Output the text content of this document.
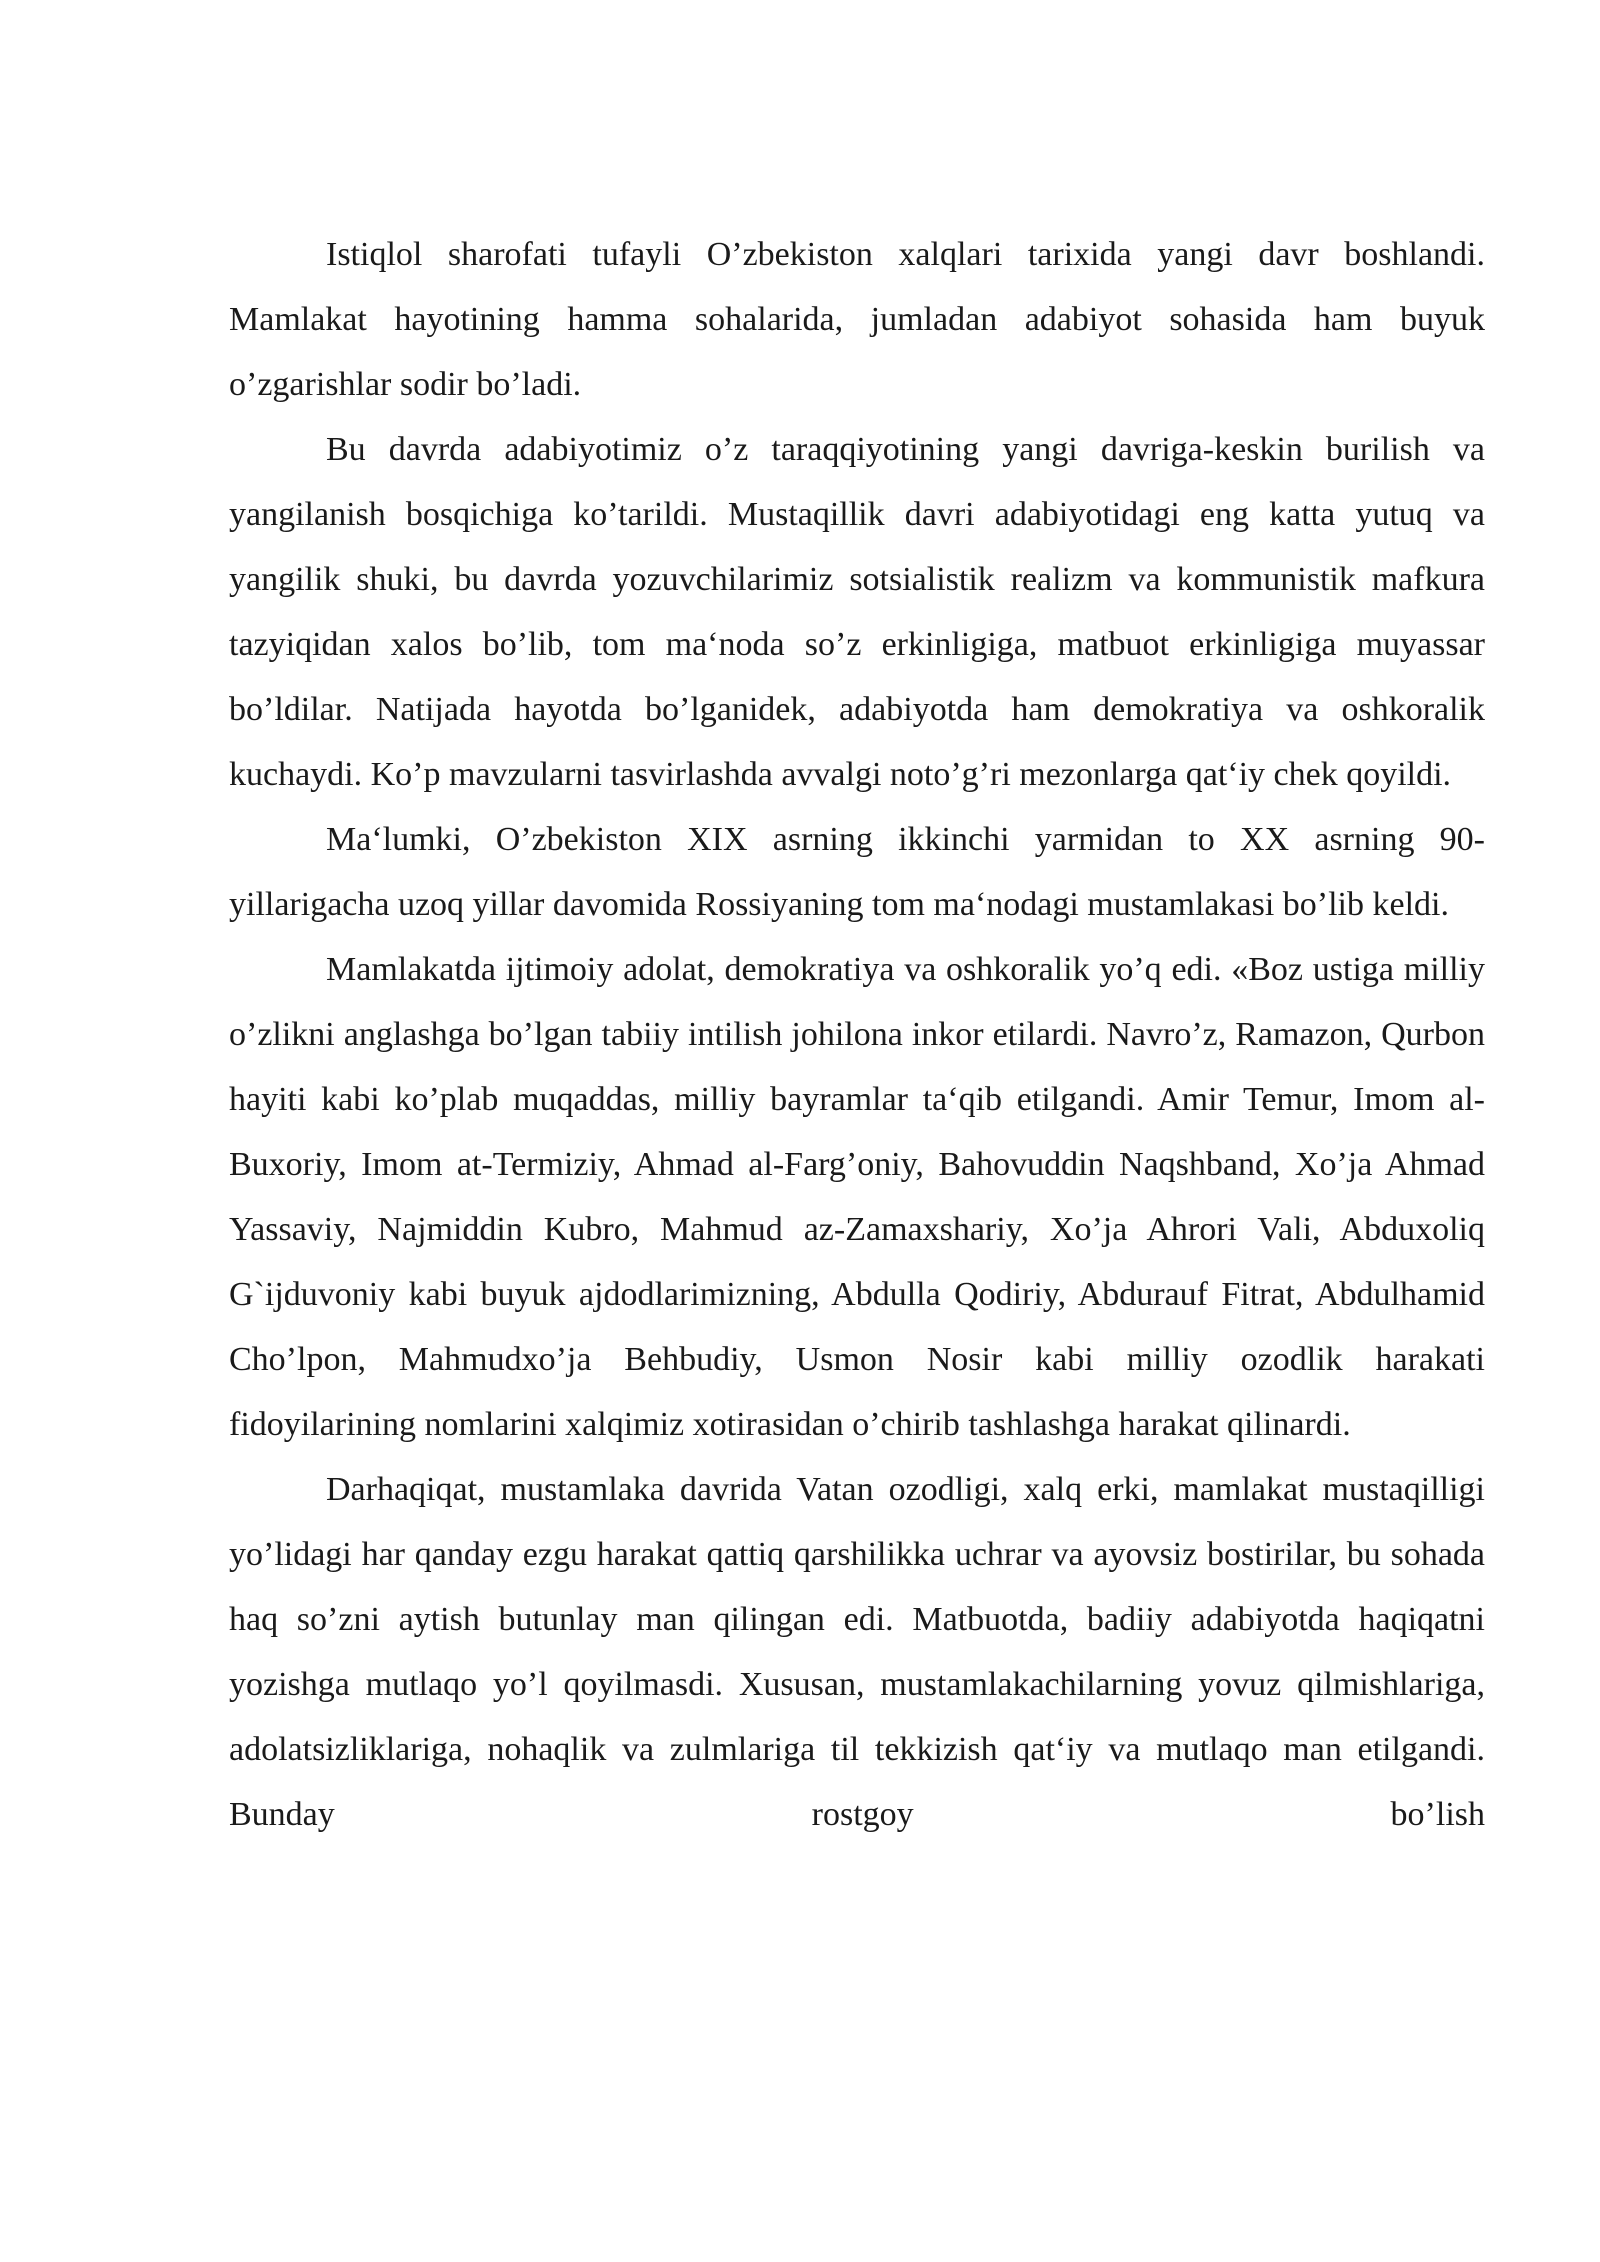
Istiqlol sharofati tufayli O’zbekiston xalqlari tarixida yangi davr boshlandi. Mamlakat hayotining hamma sohalarida, jumladan adabiyot sohasida ham buyuk o’zgarishlar sodir bo’ladi.

Bu davrda adabiyotimiz o’z taraqqiyotining yangi davriga-keskin burilish va yangilanish bosqichiga ko’tarildi. Mustaqillik davri adabiyotidagi eng katta yutuq va yangilik shuki, bu davrda yozuvchilarimiz sotsialistik realizm va kommunistik mafkura tazyiqidan xalos bo’lib, tom ma‘noda so’z erkinligiga, matbuot erkinligiga muyassar bo’ldilar. Natijada hayotda bo’lganidek, adabiyotda ham demokratiya va oshkoralik kuchaydi. Ko’p mavzularni tasvirlashda avvalgi noto’g’ri mezonlarga qat‘iy chek qoyildi.

Ma‘lumki, O’zbekiston XIX asrning ikkinchi yarmidan to XX asrning 90-yillarigacha uzoq yillar davomida Rossiyaning tom ma‘nodagi mustamlakasi bo’lib keldi.

Mamlakatda ijtimoiy adolat, demokratiya va oshkoralik yo’q edi. «Boz ustiga milliy o’zlikni anglashga bo’lgan tabiiy intilish johilona inkor etilardi. Navro’z, Ramazon, Qurbon hayiti kabi ko’plab muqaddas, milliy bayramlar ta‘qib etilgandi. Amir Temur, Imom al-Buxoriy, Imom at-Termiziy, Ahmad al-Farg’oniy, Bahovuddin Naqshband, Xo’ja Ahmad Yassaviy, Najmiddin Kubro, Mahmud az-Zamaxshariy, Xo’ja Ahrori Vali, Abduxoliq G`ijduvoniy kabi buyuk ajdodlarimizning, Abdulla Qodiriy, Abdurauf Fitrat, Abdulhamid Cho’lpon, Mahmudxo’ja Behbudiy, Usmon Nosir kabi milliy ozodlik harakati fidoyilarining nomlarini xalqimiz xotirasidan o’chirib tashlashga harakat qilinardi.

Darhaqiqat, mustamlaka davrida Vatan ozodligi, xalq erki, mamlakat mustaqilligi yo’lidagi har qanday ezgu harakat qattiq qarshilikka uchrar va ayovsiz bostirilar, bu sohada haq so’zni aytish butunlay man qilingan edi. Matbuotda, badiiy adabiyotda haqiqatni yozishga mutlaqo yo’l qoyilmasdi. Xususan, mustamlakachilarning yovuz qilmishlariga, adolatsizliklariga, nohaqlik va zulmlariga til tekkizish qat‘iy va mutlaqo man etilgandi. Bunday rostgoy bo’lish
